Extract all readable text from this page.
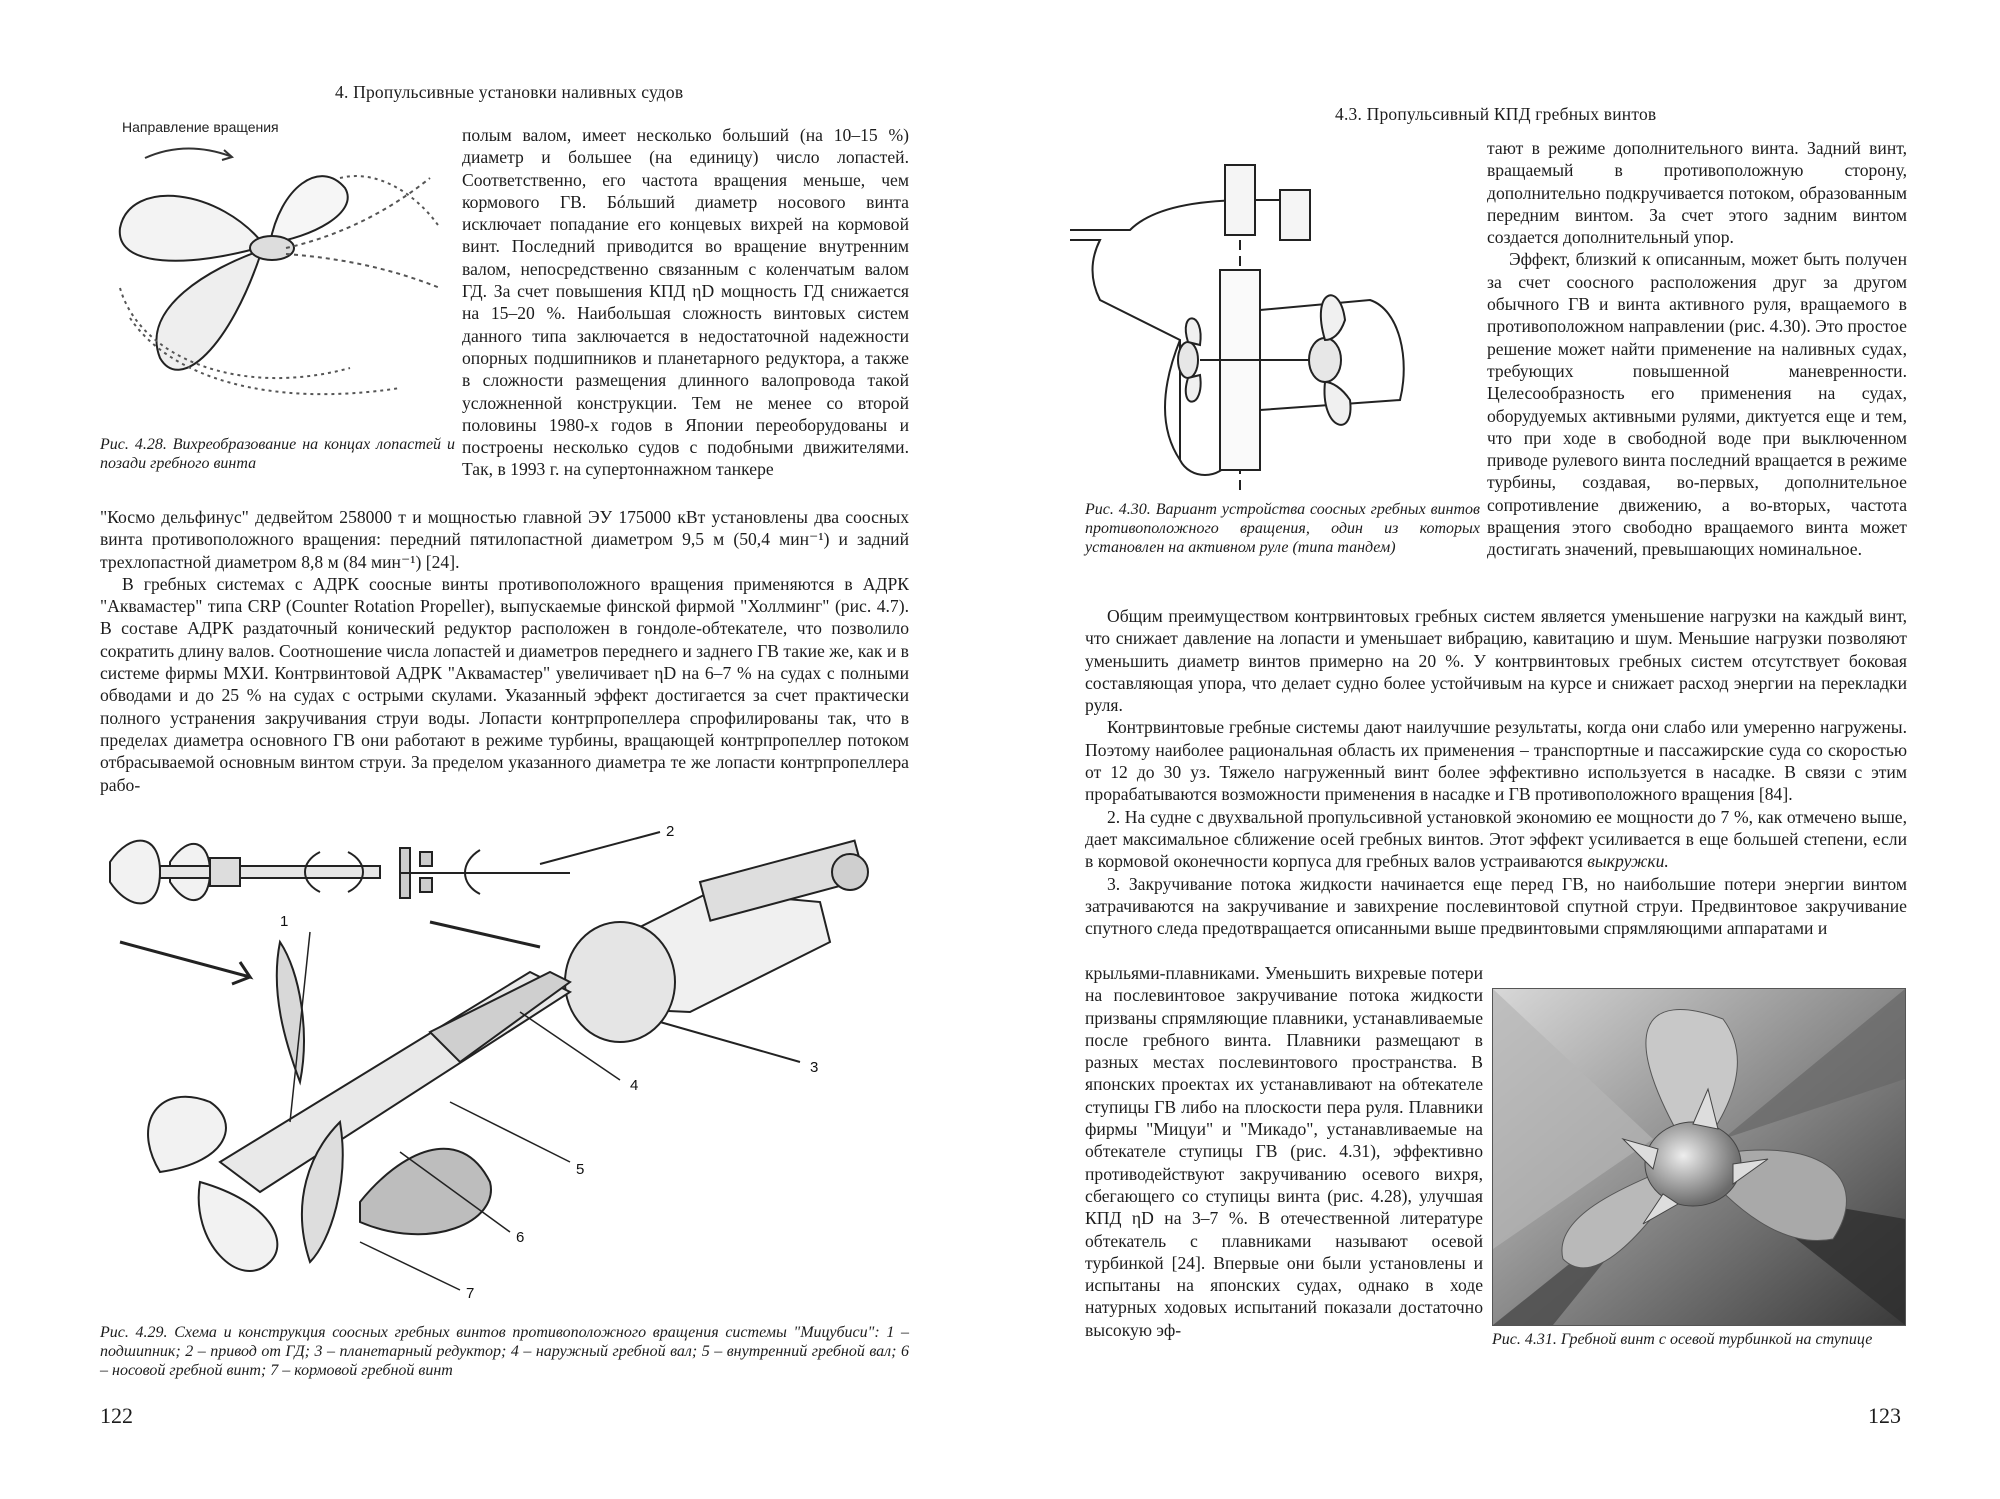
4. Пропульсивные установки наливных судов
Направление вращения
Рис. 4.28. Вихреобразование на концах лопастей и позади гребного винта

полым валом, имеет несколько больший (на 10–15 %) диаметр и большее (на единицу) число лопастей. Соответственно, его частота вращения меньше, чем кормового ГВ. Бóльший диаметр носового винта исключает попадание его концевых вихрей на кормовой винт. Последний приводится во вращение внутренним валом, непосредственно связанным с коленчатым валом ГД. За счет повышения КПД ηD мощность ГД снижается на 15–20 %. Наибольшая сложность винтовых систем данного типа заключается в недостаточной надежности опорных подшипников и планетарного редуктора, а также в сложности размещения длинного валопровода такой усложненной конструкции. Тем не менее со второй половины 1980-х годов в Японии переоборудованы и построены несколько судов с подобными движителями. Так, в 1993 г. на супертоннажном танкере

"Космо дельфинус" дедвейтом 258000 т и мощностью главной ЭУ 175000 кВт установлены два соосных винта противоположного вращения: передний пятилопастной диаметром 9,5 м (50,4 мин⁻¹) и задний трехлопастной диаметром 8,8 м (84 мин⁻¹) [24].

В гребных системах с АДРК соосные винты противоположного вращения применяются в АДРК "Аквамастер" типа CRP (Counter Rotation Propeller), выпускаемые финской фирмой "Холлминг" (рис. 4.7). В составе АДРК раздаточный конический редуктор расположен в гондоле-обтекателе, что позволило сократить длину валов. Соотношение числа лопастей и диаметров переднего и заднего ГВ такие же, как и в системе фирмы МХИ. Контрвинтовой АДРК "Аквамастер" увеличивает ηD на 6–7 % на судах с полными обводами и до 25 % на судах с острыми скулами. Указанный эффект достигается за счет практически полного устранения закручивания струи воды. Лопасти контрпропеллера спрофилированы так, что в пределах диаметра основного ГВ они работают в режиме турбины, вращающей контрпропеллер потоком отбрасываемой основным винтом струи. За пределом указанного диаметра те же лопасти контрпропеллера рабо-

2
3
1
4
5
6
7
Рис. 4.29. Схема и конструкция соосных гребных винтов противоположного вращения системы "Мицубиси": 1 – подшипник; 2 – привод от ГД; 3 – планетарный редуктор; 4 – наружный гребной вал; 5 – внутренний гребной вал; 6 – носовой гребной винт; 7 – кормовой гребной винт
122
4.3. Пропульсивный КПД гребных винтов
Рис. 4.30. Вариант устройства соосных гребных винтов противоположного вращения, один из которых установлен на активном руле (типа тандем)

тают в режиме дополнительного винта. Задний винт, вращаемый в противоположную сторону, дополнительно подкручивается потоком, образованным передним винтом. За счет этого задним винтом создается дополнительный упор.

Эффект, близкий к описанным, может быть получен за счет соосного расположения друг за другом обычного ГВ и винта активного руля, вращаемого в противоположном направлении (рис. 4.30). Это простое решение может найти применение на наливных судах, требующих повышенной маневренности. Целесообразность его применения на судах, оборудуемых активными рулями, диктуется еще и тем, что при ходе в свободной воде при выключенном приводе рулевого винта последний вращается в режиме турбины, создавая, во-первых, дополнительное сопротивление движению, а во-вторых, частота вращения этого свободно вращаемого винта может достигать значений, превышающих номинальное.

Общим преимуществом контрвинтовых гребных систем является уменьшение нагрузки на каждый винт, что снижает давление на лопасти и уменьшает вибрацию, кавитацию и шум. Меньшие нагрузки позволяют уменьшить диаметр винтов примерно на 20 %. У контрвинтовых гребных систем отсутствует боковая составляющая упора, что делает судно более устойчивым на курсе и снижает расход энергии на перекладки руля.

Контрвинтовые гребные системы дают наилучшие результаты, когда они слабо или умеренно нагружены. Поэтому наиболее рациональная область их применения – транспортные и пассажирские суда со скоростью от 12 до 30 уз. Тяжело нагруженный винт более эффективно используется в насадке. В связи с этим прорабатываются возможности применения в насадке и ГВ противоположного вращения [84].

2. На судне с двухвальной пропульсивной установкой экономию ее мощности до 7 %, как отмечено выше, дает максимальное сближение осей гребных винтов. Этот эффект усиливается в еще большей степени, если в кормовой оконечности корпуса для гребных валов устраиваются выкружки.

3. Закручивание потока жидкости начинается еще перед ГВ, но наибольшие потери энергии винтом затрачиваются на закручивание и завихрение послевинтовой спутной струи. Предвинтовое закручивание спутного следа предотвращается описанными выше предвинтовыми спрямляющими аппаратами и

крыльями-плавниками. Уменьшить вихревые потери на послевинтовое закручивание потока жидкости призваны спрямляющие плавники, устанавливаемые после гребного винта. Плавники размещают в разных местах послевинтового пространства. В японских проектах их устанавливают на обтекателе ступицы ГВ либо на плоскости пера руля. Плавники фирмы "Мицуи" и "Микадо", устанавливаемые на обтекателе ступицы ГВ (рис. 4.31), эффективно противодействуют закручиванию осевого вихря, сбегающего со ступицы винта (рис. 4.28), улучшая КПД ηD на 3–7 %. В отечественной литературе обтекатель с плавниками называют осевой турбинкой [24]. Впервые они были установлены и испытаны на японских судах, однако в ходе натурных ходовых испытаний показали достаточно высокую эф-	Рис. 4.31. Гребной винт с осевой турбинкой на ступице
123
